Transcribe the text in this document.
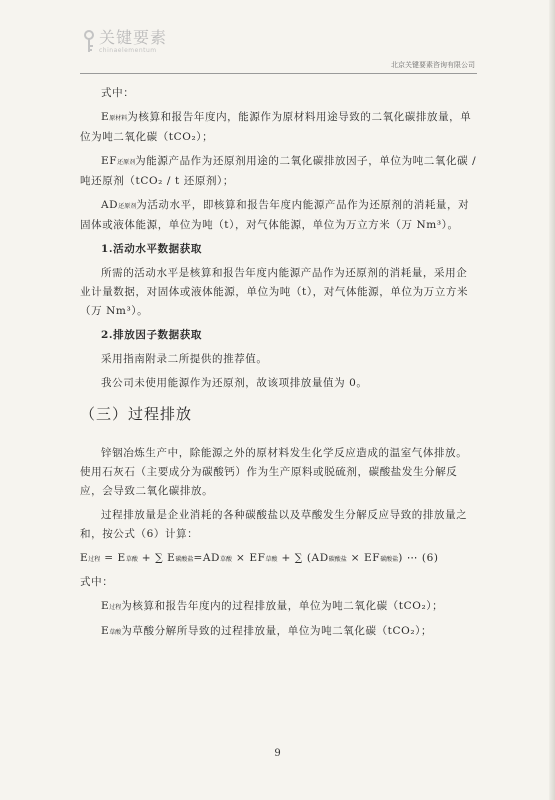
关键要素
chinaelementum
北京关键要素咨询有限公司

式中：

E原材料为核算和报告年度内，能源作为原材料用途导致的二氧化碳排放量，单位为吨二氧化碳（tCO₂）；

EF还原剂为能源产品作为还原剂用途的二氧化碳排放因子，单位为吨二氧化碳 / 吨还原剂（tCO₂ / t 还原剂）；

AD还原剂为活动水平，即核算和报告年度内能源产品作为还原剂的消耗量，对固体或液体能源，单位为吨（t），对气体能源，单位为万立方米（万 Nm³）。

1.活动水平数据获取

所需的活动水平是核算和报告年度内能源产品作为还原剂的消耗量，采用企业计量数据，对固体或液体能源，单位为吨（t），对气体能源，单位为万立方米（万 Nm³）。

2.排放因子数据获取

采用指南附录二所提供的推荐值。

我公司未使用能源作为还原剂，故该项排放量值为 0。

（三）过程排放

锌铟冶炼生产中，除能源之外的原材料发生化学反应造成的温室气体排放。使用石灰石（主要成分为碳酸钙）作为生产原料或脱硫剂，碳酸盐发生分解反应，会导致二氧化碳排放。

过程排放量是企业消耗的各种碳酸盐以及草酸发生分解反应导致的排放量之和，按公式（6）计算：

E过程 = E草酸 + ∑ E碳酸盐=AD草酸 × EF草酸 + ∑ (AD碳酸盐 × EF碳酸盐) ⋯ (6)

式中：

E过程为核算和报告年度内的过程排放量，单位为吨二氧化碳（tCO₂）；

E草酸为草酸分解所导致的过程排放量，单位为吨二氧化碳（tCO₂）；

9
